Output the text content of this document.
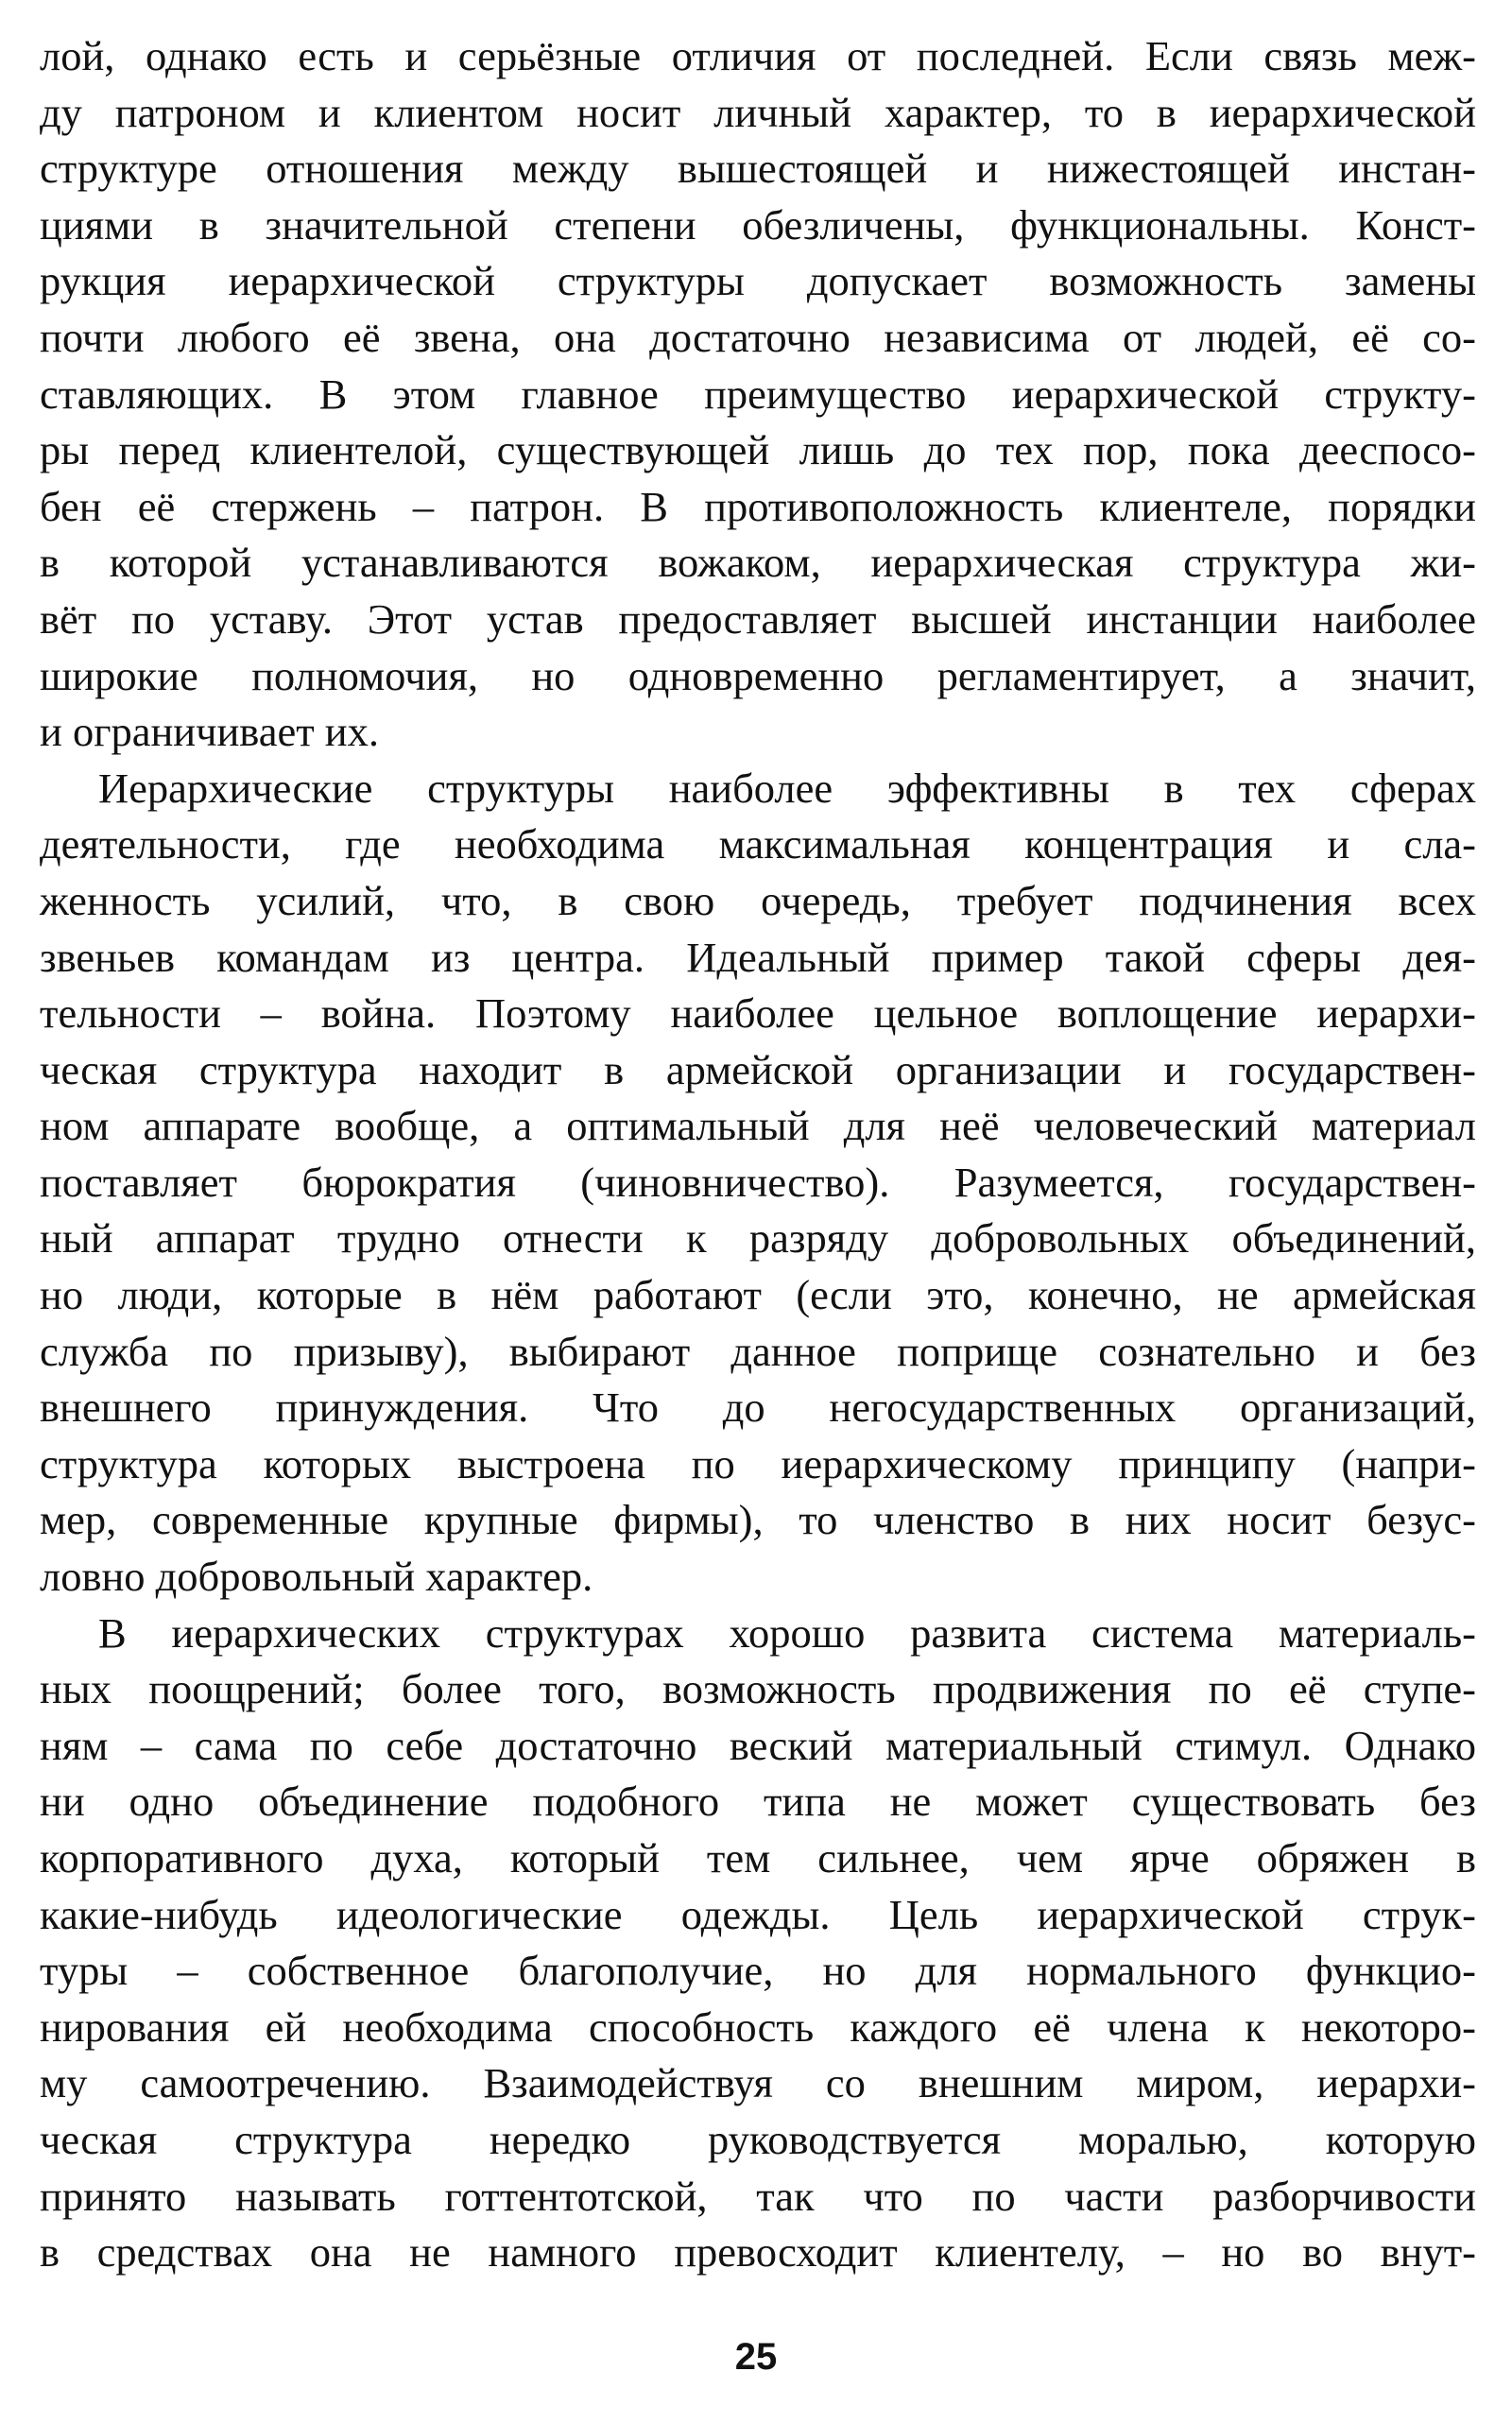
лой, однако есть и серьёзные отличия от последней. Если связь меж-
ду патроном и клиентом носит личный характер, то в иерархической
структуре отношения между вышестоящей и нижестоящей инстан-
циями в значительной степени обезличены, функциональны. Конст-
рукция иерархической структуры допускает возможность замены
почти любого её звена, она достаточно независима от людей, её со-
ставляющих. В этом главное преимущество иерархической структу-
ры перед клиентелой, существующей лишь до тех пор, пока дееспосо-
бен её стержень – патрон. В противоположность клиентеле, порядки
в которой устанавливаются вожаком, иерархическая структура жи-
вёт по уставу. Этот устав предоставляет высшей инстанции наиболее
широкие полномочия, но одновременно регламентирует, а значит,
и ограничивает их.
Иерархические структуры наиболее эффективны в тех сферах
деятельности, где необходима максимальная концентрация и сла-
женность усилий, что, в свою очередь, требует подчинения всех
звеньев командам из центра. Идеальный пример такой сферы дея-
тельности – война. Поэтому наиболее цельное воплощение иерархи-
ческая структура находит в армейской организации и государствен-
ном аппарате вообще, а оптимальный для неё человеческий материал
поставляет бюрократия (чиновничество). Разумеется, государствен-
ный аппарат трудно отнести к разряду добровольных объединений,
но люди, которые в нём работают (если это, конечно, не армейская
служба по призыву), выбирают данное поприще сознательно и без
внешнего принуждения. Что до негосударственных организаций,
структура которых выстроена по иерархическому принципу (напри-
мер, современные крупные фирмы), то членство в них носит безус-
ловно добровольный характер.
В иерархических структурах хорошо развита система материаль-
ных поощрений; более того, возможность продвижения по её ступе-
ням – сама по себе достаточно веский материальный стимул. Однако
ни одно объединение подобного типа не может существовать без
корпоративного духа, который тем сильнее, чем ярче обряжен в
какие-нибудь идеологические одежды. Цель иерархической струк-
туры – собственное благополучие, но для нормального функцио-
нирования ей необходима способность каждого её члена к некоторо-
му самоотречению. Взаимодействуя со внешним миром, иерархи-
ческая структура нередко руководствуется моралью, которую
принято называть готтентотской, так что по части разборчивости
в средствах она не намного превосходит клиентелу, – но во внут-
25
